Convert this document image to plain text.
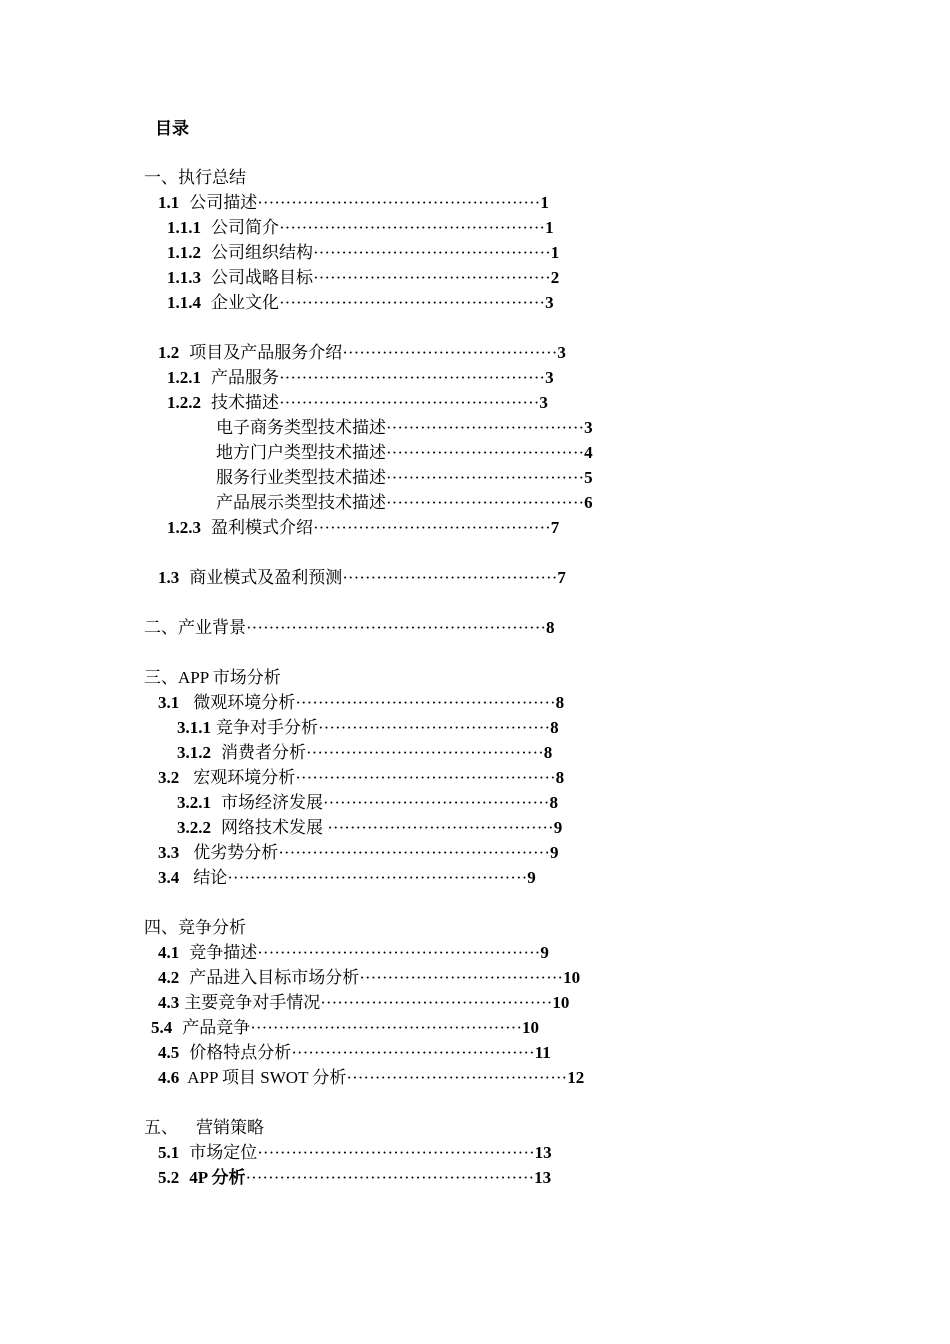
目录
一、执行总结
1.1 公司描述··················································1
1.1.1 公司简介···············································1
1.1.2 公司组织结构··········································1
1.1.3 公司战略目标··········································2
1.1.4 企业文化···············································3
1.2 项目及产品服务介绍······································3
1.2.1 产品服务···············································3
1.2.2 技术描述··············································3
电子商务类型技术描述···································3
地方门户类型技术描述···································4
服务行业类型技术描述···································5
产品展示类型技术描述···································6
1.2.3 盈利模式介绍··········································7
1.3 商业模式及盈利预测······································7
二、产业背景·····················································8
三、APP 市场分析
3.1 微观环境分析··············································8
3.1.1 竞争对手分析·········································8
3.1.2 消费者分析··········································8
3.2 宏观环境分析··············································8
3.2.1 市场经济发展········································8
3.2.2 网络技术发展 ········································9
3.3 优劣势分析················································9
3.4 结论·····················································9
四、竞争分析
4.1 竞争描述··················································9
4.2 产品进入目标市场分析····································10
4.3 主要竞争对手情况·········································10
5.4 产品竞争················································10
4.5 价格特点分析···········································11
4.6 APP 项目 SWOT 分析·······································12
五、 营销策略
5.1 市场定位·················································13
5.2 4P 分析···················································13
